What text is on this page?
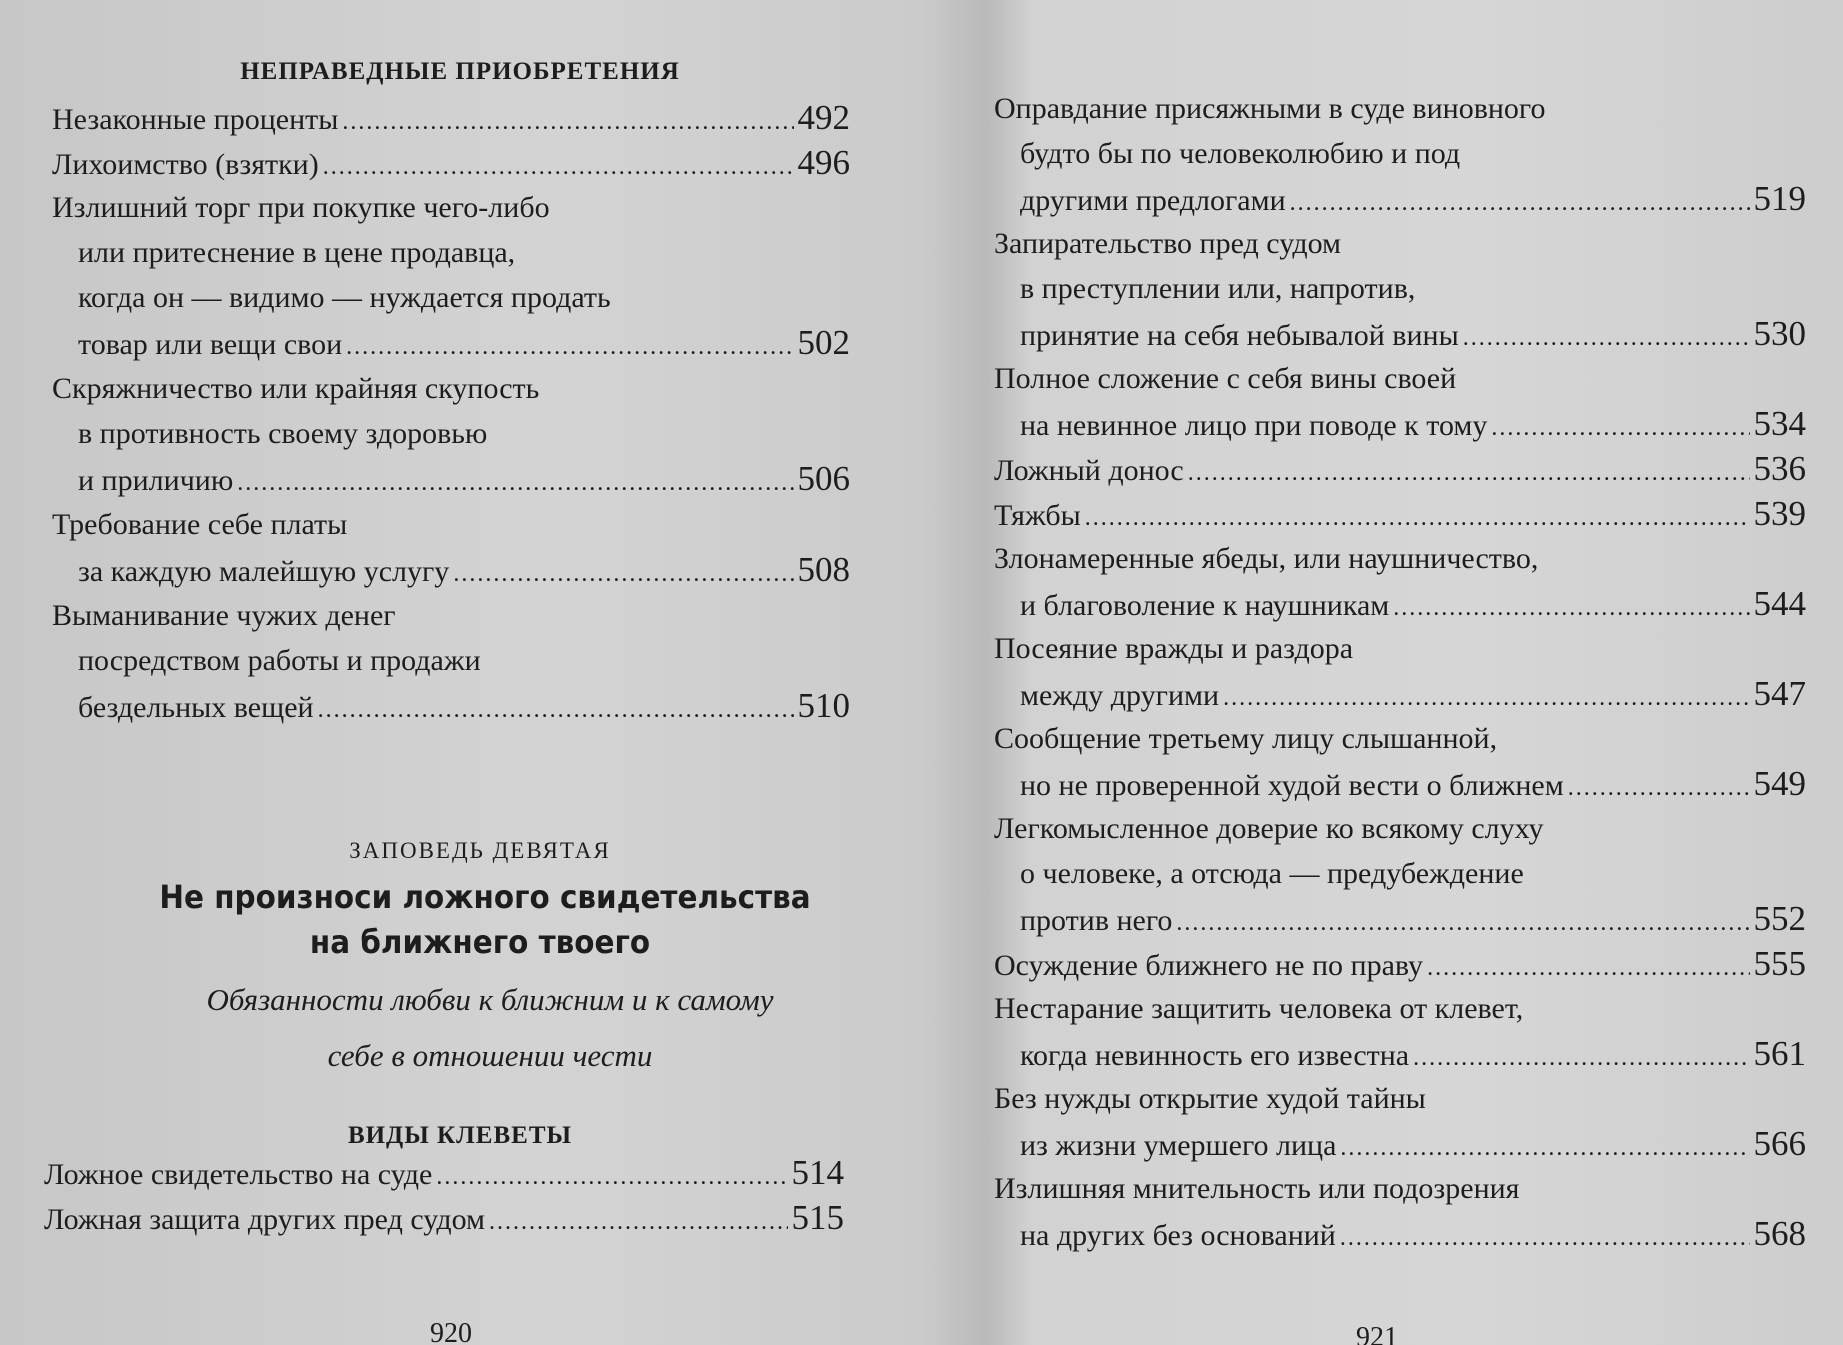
НЕПРАВЕДНЫЕ ПРИОБРЕТЕНИЯ
Незаконные проценты .....	492
Лихоимство (взятки) .....	496
Излишний торг при покупке чего-либо
или притеснение в цене продавца,
когда он — видимо — нуждается продать
товар или вещи свои .....	502
Скряжничество или крайняя скупость
в противность своему здоровью
и приличию .....	506
Требование себе платы
за каждую малейшую услугу .....	508
Выманивание чужих денег
посредством работы и продажи
бездельных вещей .....	510
ЗАПОВЕДЬ ДЕВЯТАЯ
Не произноси ложного свидетельства
на ближнего твоего
Обязанности любви к ближним и к самому
себе в отношении чести
ВИДЫ КЛЕВЕТЫ
Ложное свидетельство на суде .....	514
Ложная защита других пред судом .....	515
920
Оправдание присяжными в суде виновного
будто бы по человеколюбию и под
другими предлогами .....	519
Запирательство пред судом
в преступлении или, напротив,
принятие на себя небывалой вины .....	530
Полное сложение с себя вины своей
на невинное лицо при поводе к тому .....	534
Ложный донос .....	536
Тяжбы .....	539
Злонамеренные ябеды, или наушничество,
и благоволение к наушникам .....	544
Посеяние вражды и раздора
между другими .....	547
Сообщение третьему лицу слышанной,
но не проверенной худой вести о ближнем .....	549
Легкомысленное доверие ко всякому слуху
о человеке, а отсюда — предубеждение
против него .....	552
Осуждение ближнего не по праву .....	555
Нестарание защитить человека от клевет,
когда невинность его известна .....	561
Без нужды открытие худой тайны
из жизни умершего лица .....	566
Излишняя мнительность или подозрения
на других без оснований .....	568
921
